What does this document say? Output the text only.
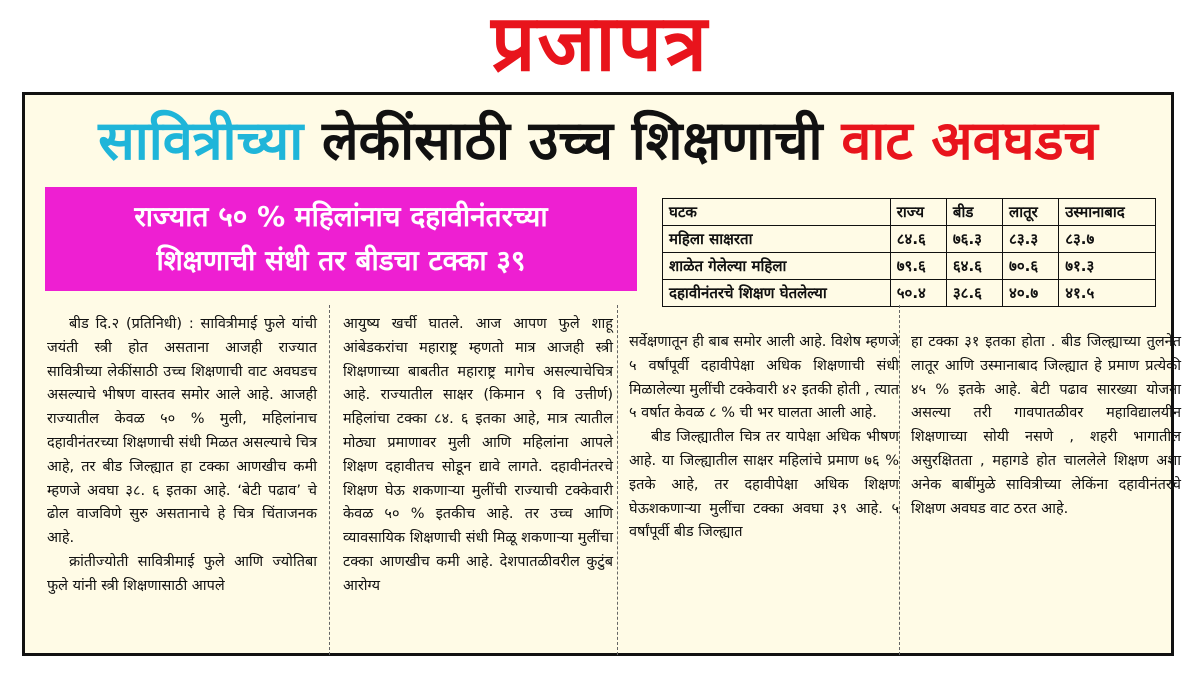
प्रजापत्र
सावित्रीच्या लेकींसाठी उच्च शिक्षणाची वाट अवघडच
राज्यात ५० % महिलांनाच दहावीनंतरच्या
शिक्षणाची संधी तर बीडचा टक्का ३९
घटक	राज्य	बीड	लातूर	उस्मानाबाद
महिला साक्षरता	८४.६	७६.३	८३.३	८३.७
शाळेत गेलेल्या महिला	७९.६	६४.६	७०.६	७१.३
दहावीनंतरचे शिक्षण घेतलेल्या	५०.४	३८.६	४०.७	४१.५

बीड दि.२ (प्रतिनिधी) : सावित्रीमाई फुले यांची जयंती स्त्री होत असताना आजही राज्यात सावित्रीच्या लेकींसाठी उच्च शिक्षणाची वाट अवघडच असल्याचे भीषण वास्तव समोर आले आहे. आजही राज्यातील केवळ ५० % मुली, महिलांनाच दहावीनंतरच्या शिक्षणाची संधी मिळत असल्याचे चित्र आहे, तर बीड जिल्ह्यात हा टक्का आणखीच कमी म्हणजे अवघा ३८. ६ इतका आहे. ‘बेटी पढाव’ चे ढोल वाजविणे सुरु असतानाचे हे चित्र चिंताजनक आहे.

क्रांतीज्योती सावित्रीमाई फुले आणि ज्योतिबा फुले यांनी स्त्री शिक्षणासाठी आपले

आयुष्य खर्ची घातले. आज आपण फुले शाहू आंबेडकरांचा महाराष्ट्र म्हणतो मात्र आजही स्त्री शिक्षणाच्या बाबतीत महाराष्ट्र मागेच असल्याचेचित्र आहे. राज्यातील साक्षर (किमान ९ वि उत्तीर्ण) महिलांचा टक्का ८४. ६ इतका आहे, मात्र त्यातील मोठ्या प्रमाणावर मुली आणि महिलांना आपले शिक्षण दहावीतच सोडून द्यावे लागते. दहावीनंतरचे शिक्षण घेऊ शकणाऱ्या मुलींची राज्याची टक्केवारी केवळ ५० % इतकीच आहे. तर उच्च आणि व्यावसायिक शिक्षणाची संधी मिळू शकणाऱ्या मुलींचा टक्का आणखीच कमी आहे. देशपातळीवरील कुटुंब आरोग्य

सर्वेक्षणातून ही बाब समोर आली आहे. विशेष म्हणजे ५ वर्षांपूर्वी दहावीपेक्षा अधिक शिक्षणाची संधी मिळालेल्या मुलींची टक्केवारी ४२ इतकी होती , त्यात ५ वर्षात केवळ ८ % ची भर घालता आली आहे.

बीड जिल्ह्यातील चित्र तर यापेक्षा अधिक भीषण आहे. या जिल्ह्यातील साक्षर महिलांचे प्रमाण ७६ % इतके आहे, तर दहावीपेक्षा अधिक शिक्षण घेऊशकणाऱ्या मुलींचा टक्का अवघा ३९ आहे. ५ वर्षांपूर्वी बीड जिल्ह्यात

हा टक्का ३१ इतका होता . बीड जिल्ह्याच्या तुलनेत लातूर आणि उस्मानाबाद जिल्ह्यात हे प्रमाण प्रत्येकी ४५ % इतके आहे. बेटी पढाव सारख्या योजना असल्या तरी गावपातळीवर महाविद्यालयीन शिक्षणाच्या सोयी नसणे , शहरी भागातील असुरक्षितता , महागडे होत चाललेले शिक्षण अशा अनेक बाबींमुळे सावित्रीच्या लेकिंना दहावीनंतरचे शिक्षण अवघड वाट ठरत आहे.
